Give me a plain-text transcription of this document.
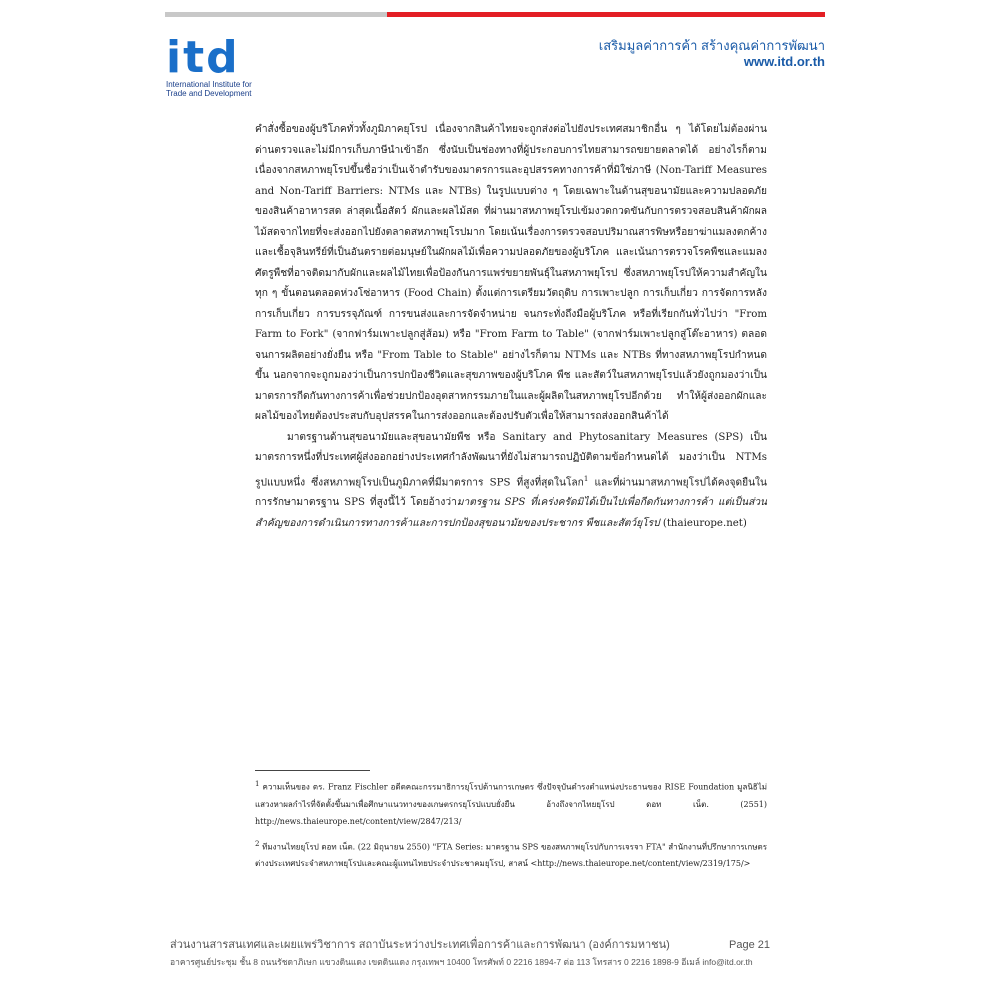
itd
International Institute for
Trade and Development
เสริมมูลค่าการค้า สร้างคุณค่าการพัฒนา
www.itd.or.th

คำสั่งซื้อของผู้บริโภคทั่วทั้งภูมิภาคยุโรป เนื่องจากสินค้าไทยจะถูกส่งต่อไปยังประเทศสมาชิกอื่น ๆ ได้โดยไม่ต้องผ่านด่านตรวจและไม่มีการเก็บภาษีนำเข้าอีก ซึ่งนับเป็นช่องทางที่ผู้ประกอบการไทยสามารถขยายตลาดได้ อย่างไรก็ตาม เนื่องจากสหภาพยุโรปขึ้นชื่อว่าเป็นเจ้าตำรับของมาตรการและอุปสรรคทางการค้าที่มิใช่ภาษี (Non-Tariff Measures and Non-Tariff Barriers: NTMs และ NTBs) ในรูปแบบต่าง ๆ โดยเฉพาะในด้านสุขอนามัยและความปลอดภัยของสินค้าอาหารสด ล่าสุดเนื้อสัตว์ ผักและผลไม้สด ที่ผ่านมาสหภาพยุโรปเข้มงวดกวดขันกับการตรวจสอบสินค้าผักผลไม้สดจากไทยที่จะส่งออกไปยังตลาดสหภาพยุโรปมาก โดยเน้นเรื่องการตรวจสอบปริมาณสารพิษหรือยาฆ่าแมลงตกค้างและเชื้อจุลินทรีย์ที่เป็นอันตรายต่อมนุษย์ในผักผลไม้เพื่อความปลอดภัยของผู้บริโภค และเน้นการตรวจโรคพืชและแมลงศัตรูพืชที่อาจติดมากับผักและผลไม้ไทยเพื่อป้องกันการแพร่ขยายพันธุ์ในสหภาพยุโรป ซึ่งสหภาพยุโรปให้ความสำคัญในทุก ๆ ขั้นตอนตลอดห่วงโซ่อาหาร (Food Chain) ตั้งแต่การเตรียมวัตถุดิบ การเพาะปลูก การเก็บเกี่ยว การจัดการหลังการเก็บเกี่ยว การบรรจุภัณฑ์ การขนส่งและการจัดจำหน่าย จนกระทั่งถึงมือผู้บริโภค หรือที่เรียกกันทั่วไปว่า "From Farm to Fork" (จากฟาร์มเพาะปลูกสู่ส้อม) หรือ "From Farm to Table" (จากฟาร์มเพาะปลูกสู่โต๊ะอาหาร) ตลอดจนการผลิตอย่างยั่งยืน หรือ "From Table to Stable" อย่างไรก็ตาม NTMs และ NTBs ที่ทางสหภาพยุโรปกำหนดขึ้น นอกจากจะถูกมองว่าเป็นการปกป้องชีวิตและสุขภาพของผู้บริโภค พืช และสัตว์ในสหภาพยุโรปแล้วยังถูกมองว่าเป็นมาตรการกีดกันทางการค้าเพื่อช่วยปกป้องอุตสาหกรรมภายในและผู้ผลิตในสหภาพยุโรปอีกด้วย ทำให้ผู้ส่งออกผักและผลไม้ของไทยต้องประสบกับอุปสรรคในการส่งออกและต้องปรับตัวเพื่อให้สามารถส่งออกสินค้าได้

มาตรฐานด้านสุขอนามัยและสุขอนามัยพืช หรือ Sanitary and Phytosanitary Measures (SPS) เป็นมาตรการหนึ่งที่ประเทศผู้ส่งออกอย่างประเทศกำลังพัฒนาที่ยังไม่สามารถปฏิบัติตามข้อกำหนดได้ มองว่าเป็น NTMs รูปแบบหนึ่ง ซึ่งสหภาพยุโรปเป็นภูมิภาคที่มีมาตรการ SPS ที่สูงที่สุดในโลก$^1$ และที่ผ่านมาสหภาพยุโรปได้คงจุดยืนในการรักษามาตรฐาน SPS ที่สูงนี้ไว้ โดยอ้างว่ามาตรฐาน SPS ที่เคร่งครัดมิได้เป็นไปเพื่อกีดกันทางการค้า แต่เป็นส่วนสำคัญของการดำเนินการทางการค้าและการปกป้องสุขอนามัยของประชากร พืชและสัตว์ยุโรป (thaieurope.net)

$^1$ ความเห็นของ ดร. Franz Fischler อดีตคณะกรรมาธิการยุโรปด้านการเกษตร ซึ่งปัจจุบันดำรงตำแหน่งประธานของ RISE Foundation มูลนิธิไม่แสวงหาผลกำไรที่จัดตั้งขึ้นมาเพื่อศึกษาแนวทางของเกษตรกรยุโรปแบบยั่งยืน อ้างถึงจากไทยยุโรป ดอท เน็ต. (2551) http://news.thaieurope.net/content/view/2847/213/

$^2$ ทีมงานไทยยุโรป ดอท เน็ต. (22 มิถุนายน 2550) "FTA Series: มาตรฐาน SPS ของสหภาพยุโรปกับการเจรจา FTA" สำนักงานที่ปรึกษาการเกษตรต่างประเทศประจำสหภาพยุโรปและคณะผู้แทนไทยประจำประชาคมยุโรป, สาสน์ <http://news.thaieurope.net/content/view/2319/175/>

ส่วนงานสารสนเทศและเผยแพร่วิชาการ สถาบันระหว่างประเทศเพื่อการค้าและการพัฒนา (องค์การมหาชน)	Page 21
อาคารศูนย์ประชุม ชั้น 8 ถนนรัชดาภิเษก แขวงดินแดง เขตดินแดง กรุงเทพฯ 10400 โทรศัพท์ 0 2216 1894-7 ต่อ 113 โทรสาร 0 2216 1898-9 อีเมล์ info@itd.or.th
